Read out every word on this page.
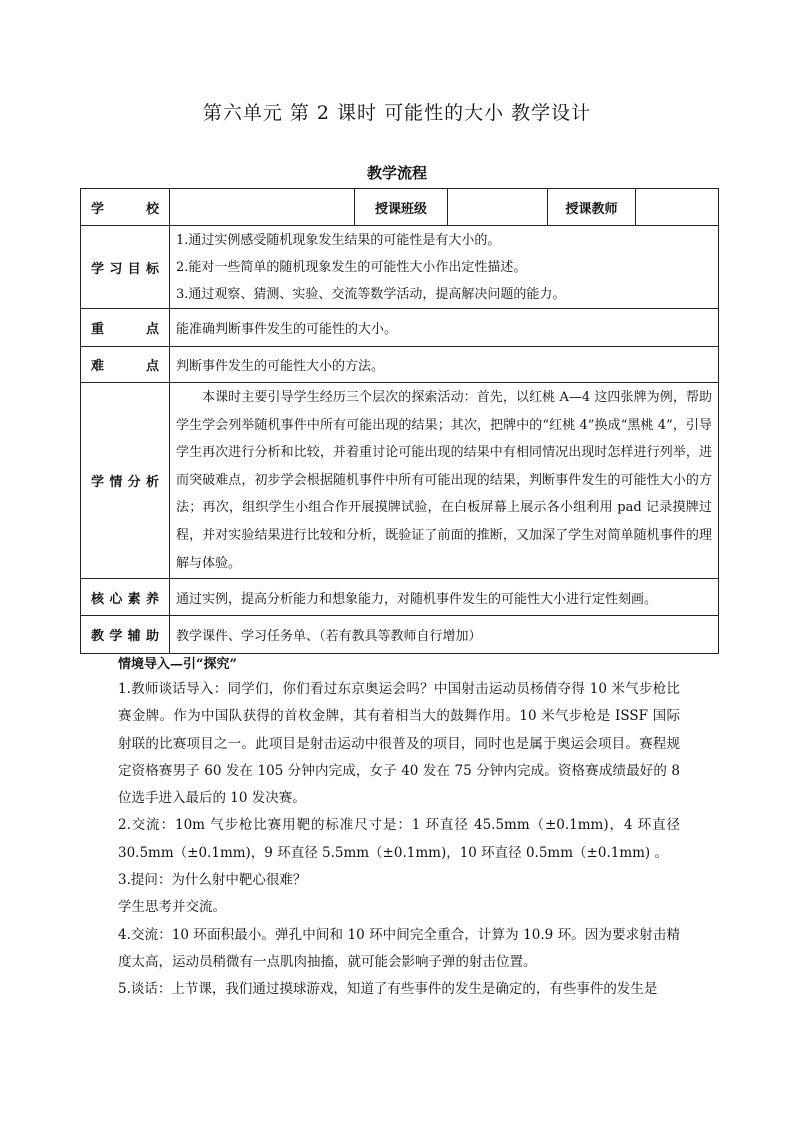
第六单元 第 2 课时 可能性的大小 教学设计
教学流程
学 校		授课班级		授课教师	
学习目标	1.通过实例感受随机现象发生结果的可能性是有大小的。
2.能对一些简单的随机现象发生的可能性大小作出定性描述。
3.通过观察、猜测、实验、交流等数学活动，提高解决问题的能力。				

重 点	能准确判断事件发生的可能性的大小。				
难 点	判断事件发生的可能性大小的方法。				
学情分析	本课时主要引导学生经历三个层次的探索活动：首先，以红桃 A—4 这四张牌为例，帮助学生学会列举随机事件中所有可能出现的结果；其次，把牌中的“红桃 4”换成“黑桃 4”，引导学生再次进行分析和比较，并着重讨论可能出现的结果中有相同情况出现时怎样进行列举，进而突破难点，初步学会根据随机事件中所有可能出现的结果，判断事件发生的可能性大小的方法；再次，组织学生小组合作开展摸牌试验，在白板屏幕上展示各小组利用 pad 记录摸牌过程，并对实验结果进行比较和分析，既验证了前面的推断，又加深了学生对简单随机事件的理解与体验。				
核心素养	通过实例，提高分析能力和想象能力，对随机事件发生的可能性大小进行定性刻画。				
教学辅助	教学课件、学习任务单、（若有教具等教师自行增加）				

情境导入—引“探究”

1.教师谈话导入：同学们，你们看过东京奥运会吗？中国射击运动员杨倩夺得 10 米气步枪比赛金牌。作为中国队获得的首枚金牌，其有着相当大的鼓舞作用。10 米气步枪是 ISSF 国际射联的比赛项目之一。此项目是射击运动中很普及的项目，同时也是属于奥运会项目。赛程规定资格赛男子 60 发在 105 分钟内完成，女子 40 发在 75 分钟内完成。资格赛成绩最好的 8 位选手进入最后的 10 发决赛。

2.交流：10m 气步枪比赛用靶的标准尺寸是：1 环直径 45.5mm（±0.1mm)，4 环直径 30.5mm（±0.1mm)，9 环直径 5.5mm（±0.1mm)，10 环直径 0.5mm（±0.1mm) 。

3.提问：为什么射中靶心很难？

学生思考并交流。

4.交流：10 环面积最小。弹孔中间和 10 环中间完全重合，计算为 10.9 环。因为要求射击精度太高，运动员稍微有一点肌肉抽搐，就可能会影响子弹的射击位置。

5.谈话：上节课，我们通过摸球游戏，知道了有些事件的发生是确定的，有些事件的发生是
